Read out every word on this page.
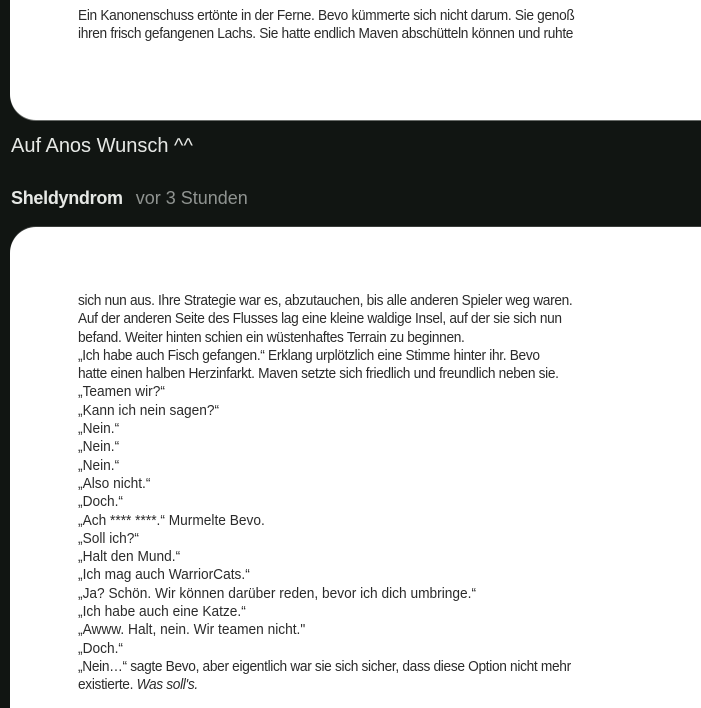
Ein Kanonenschuss ertönte in der Ferne. Bevo kümmerte sich nicht darum. Sie genoß
ihren frisch gefangenen Lachs. Sie hatte endlich Maven abschütteln können und ruhte
Auf Anos Wunsch ^^
Sheldyndrom vor 3 Stunden
sich nun aus. Ihre Strategie war es, abzutauchen, bis alle anderen Spieler weg waren.
Auf der anderen Seite des Flusses lag eine kleine waldige Insel, auf der sie sich nun
befand. Weiter hinten schien ein wüstenhaftes Terrain zu beginnen.
„Ich habe auch Fisch gefangen.“ Erklang urplötzlich eine Stimme hinter ihr. Bevo
hatte einen halben Herzinfarkt. Maven setzte sich friedlich und freundlich neben sie.
„Teamen wir?“
„Kann ich nein sagen?“
„Nein.“
„Nein.“
„Nein.“
„Also nicht.“
„Doch.“
„Ach **** ****.“ Murmelte Bevo.
„Soll ich?“
„Halt den Mund.“
„Ich mag auch WarriorCats.“
„Ja? Schön. Wir können darüber reden, bevor ich dich umbringe.“
„Ich habe auch eine Katze.“
„Awww. Halt, nein. Wir teamen nicht."
„Doch.“
„Nein…“ sagte Bevo, aber eigentlich war sie sich sicher, dass diese Option nicht mehr
existierte. Was soll's.
